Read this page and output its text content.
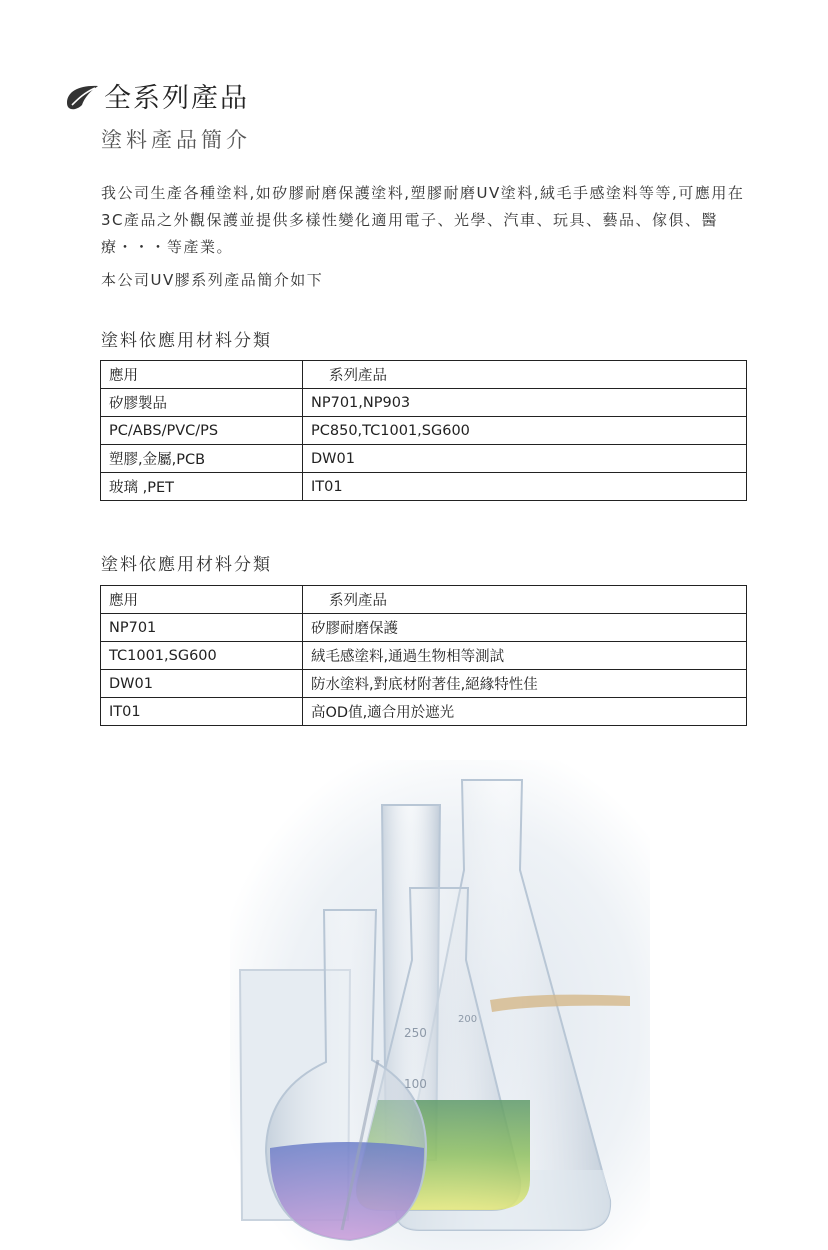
全系列產品
塗料產品簡介

我公司生產各種塗料,如矽膠耐磨保護塗料,塑膠耐磨UV塗料,絨毛手感塗料等等,可應用在3C產品之外觀保護並提供多樣性變化適用電子、光學、汽車、玩具、藝品、傢俱、醫療・・・等產業。

本公司UV膠系列產品簡介如下

塗料依應用材料分類
應用	系列產品
矽膠製品	NP701,NP903
PC/ABS/PVC/PS	PC850,TC1001,SG600
塑膠,金屬,PCB	DW01
玻璃 ,PET	IT01
塗料依應用材料分類
應用	系列產品
NP701	矽膠耐磨保護
TC1001,SG600	絨毛感塗料,通過生物相等測試
DW01	防水塗料,對底材附著佳,絕緣特性佳
IT01	高OD值,適合用於遮光
250
200
100
